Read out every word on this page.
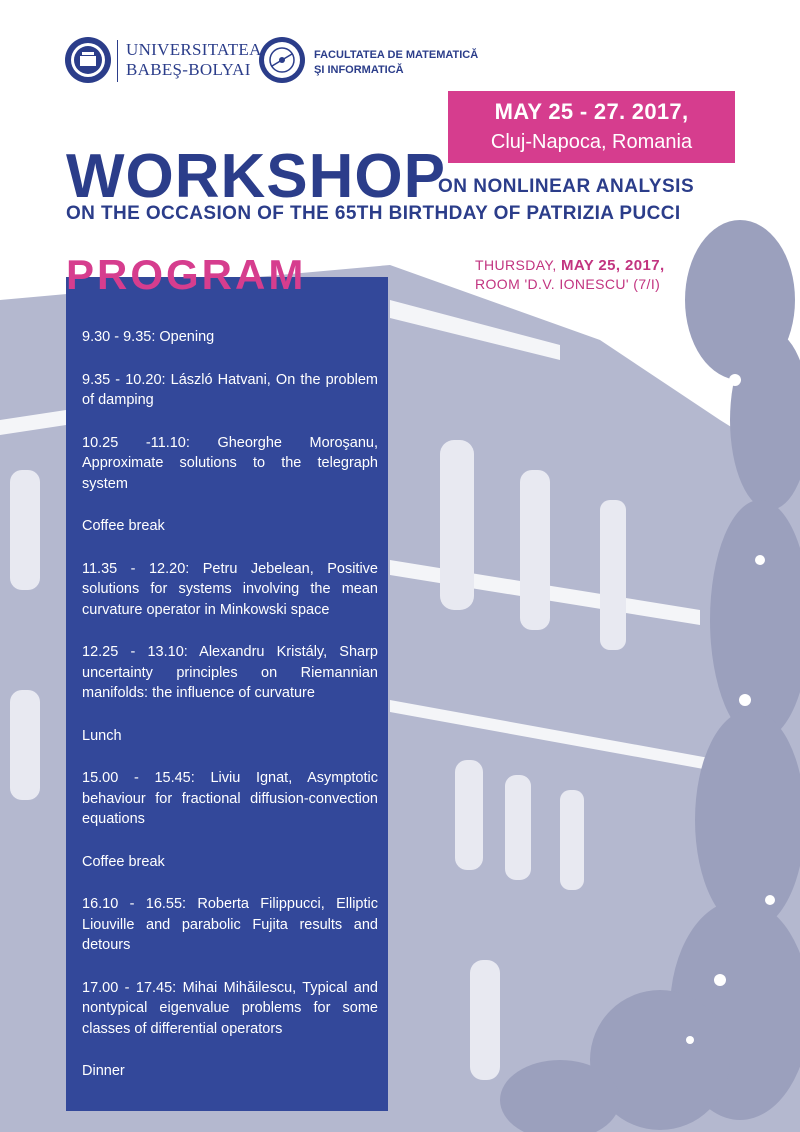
UNIVERSITATEA
BABEŞ-BOLYAI
FACULTATEA DE MATEMATICĂ
ŞI INFORMATICĂ
MAY 25 - 27. 2017,
Cluj-Napoca, Romania
WORKSHOP
ON NONLINEAR ANALYSIS
ON THE OCCASION OF THE 65TH BIRTHDAY OF PATRIZIA PUCCI
THURSDAY, MAY 25, 2017,
ROOM 'D.V. IONESCU' (7/I)
PROGRAM
9.30 - 9.35: Opening
9.35 - 10.20: László Hatvani, On the problem of damping
10.25 -11.10: Gheorghe Moroşanu, Approximate solutions to the telegraph system
Coffee break
11.35 - 12.20: Petru Jebelean, Positive solutions for systems involving the mean curvature operator in Minkowski space
12.25 - 13.10: Alexandru Kristály, Sharp uncertainty principles on Riemannian manifolds: the influence of curvature
Lunch
15.00 - 15.45: Liviu Ignat, Asymptotic behaviour for fractional diffusion-convection equations
Coffee break
16.10 - 16.55: Roberta Filippucci, Elliptic Liouville and parabolic Fujita results and detours
17.00 - 17.45: Mihai Mihăilescu, Typical and nontypical eigenvalue problems for some classes of differential operators
Dinner
